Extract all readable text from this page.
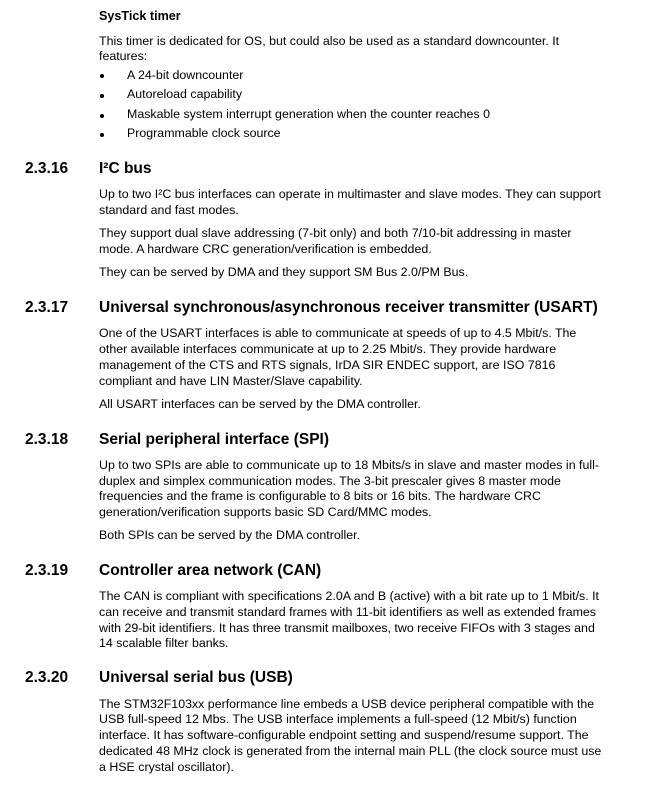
SysTick timer
This timer is dedicated for OS, but could also be used as a standard downcounter. It
features:
A 24-bit downcounter
Autoreload capability
Maskable system interrupt generation when the counter reaches 0
Programmable clock source
2.3.16 I²C bus
Up to two I²C bus interfaces can operate in multimaster and slave modes. They can support
standard and fast modes.
They support dual slave addressing (7-bit only) and both 7/10-bit addressing in master
mode. A hardware CRC generation/verification is embedded.
They can be served by DMA and they support SM Bus 2.0/PM Bus.
2.3.17 Universal synchronous/asynchronous receiver transmitter (USART)
One of the USART interfaces is able to communicate at speeds of up to 4.5 Mbit/s. The
other available interfaces communicate at up to 2.25 Mbit/s. They provide hardware
management of the CTS and RTS signals, IrDA SIR ENDEC support, are ISO 7816
compliant and have LIN Master/Slave capability.
All USART interfaces can be served by the DMA controller.
2.3.18 Serial peripheral interface (SPI)
Up to two SPIs are able to communicate up to 18 Mbits/s in slave and master modes in full-
duplex and simplex communication modes. The 3-bit prescaler gives 8 master mode
frequencies and the frame is configurable to 8 bits or 16 bits. The hardware CRC
generation/verification supports basic SD Card/MMC modes.
Both SPIs can be served by the DMA controller.
2.3.19 Controller area network (CAN)
The CAN is compliant with specifications 2.0A and B (active) with a bit rate up to 1 Mbit/s. It
can receive and transmit standard frames with 11-bit identifiers as well as extended frames
with 29-bit identifiers. It has three transmit mailboxes, two receive FIFOs with 3 stages and
14 scalable filter banks.
2.3.20 Universal serial bus (USB)
The STM32F103xx performance line embeds a USB device peripheral compatible with the
USB full-speed 12 Mbs. The USB interface implements a full-speed (12 Mbit/s) function
interface. It has software-configurable endpoint setting and suspend/resume support. The
dedicated 48 MHz clock is generated from the internal main PLL (the clock source must use
a HSE crystal oscillator).
